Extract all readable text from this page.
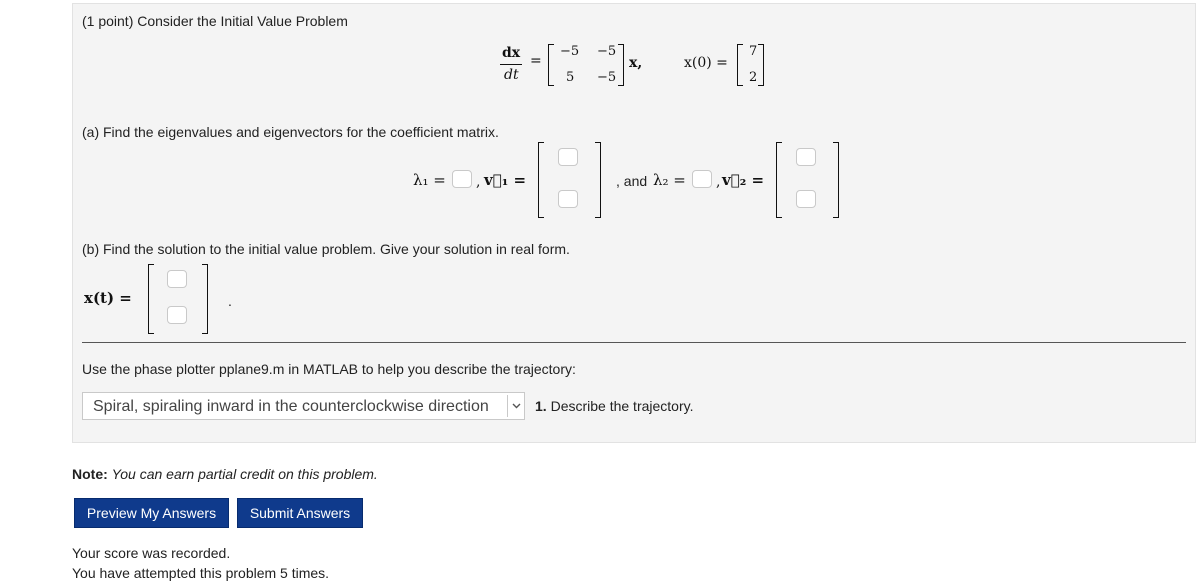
(1 point) Consider the Initial Value Problem
dx
dt
=
−5 −5
5 −5
x,	x(0) =
7
2
(a) Find the eigenvalues and eigenvectors for the coefficient matrix.
λ₁ = , v⃗₁ =	, and λ₂ = , v⃗₂ =
(b) Find the solution to the initial value problem. Give your solution in real form.
x(t) =	.
Use the phase plotter pplane9.m in MATLAB to help you describe the trajectory:
Spiral, spiraling inward in the counterclockwise direction	1. Describe the trajectory.
Note: You can earn partial credit on this problem.
Preview My Answers	Submit Answers
Your score was recorded.
You have attempted this problem 5 times.
